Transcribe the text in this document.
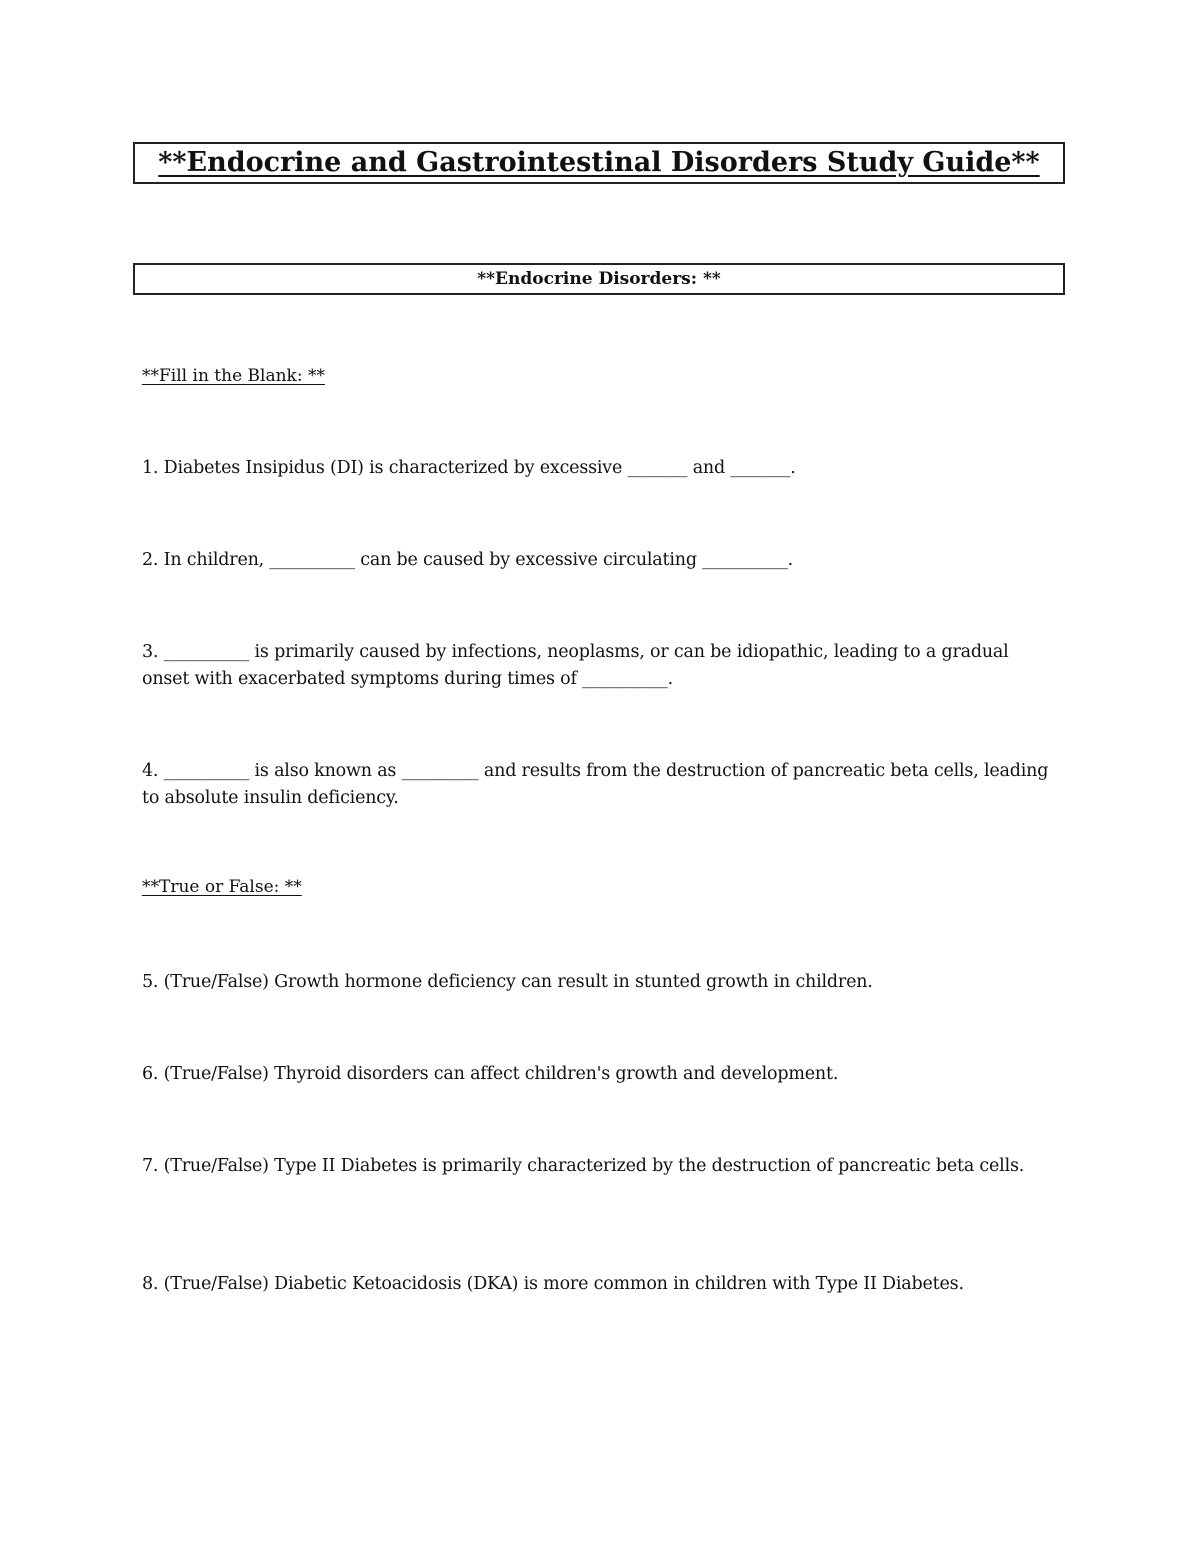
**Endocrine and Gastrointestinal Disorders Study Guide**
**Endocrine Disorders: **

**Fill in the Blank: **

1. Diabetes Insipidus (DI) is characterized by excessive _______ and _______.

2. In children, __________ can be caused by excessive circulating __________.

3. __________ is primarily caused by infections, neoplasms, or can be idiopathic, leading to a gradual onset with exacerbated symptoms during times of __________.

4. __________ is also known as _________ and results from the destruction of pancreatic beta cells, leading to absolute insulin deficiency.

**True or False: **

5. (True/False) Growth hormone deficiency can result in stunted growth in children.

6. (True/False) Thyroid disorders can affect children's growth and development.

7. (True/False) Type II Diabetes is primarily characterized by the destruction of pancreatic beta cells.

8. (True/False) Diabetic Ketoacidosis (DKA) is more common in children with Type II Diabetes.
